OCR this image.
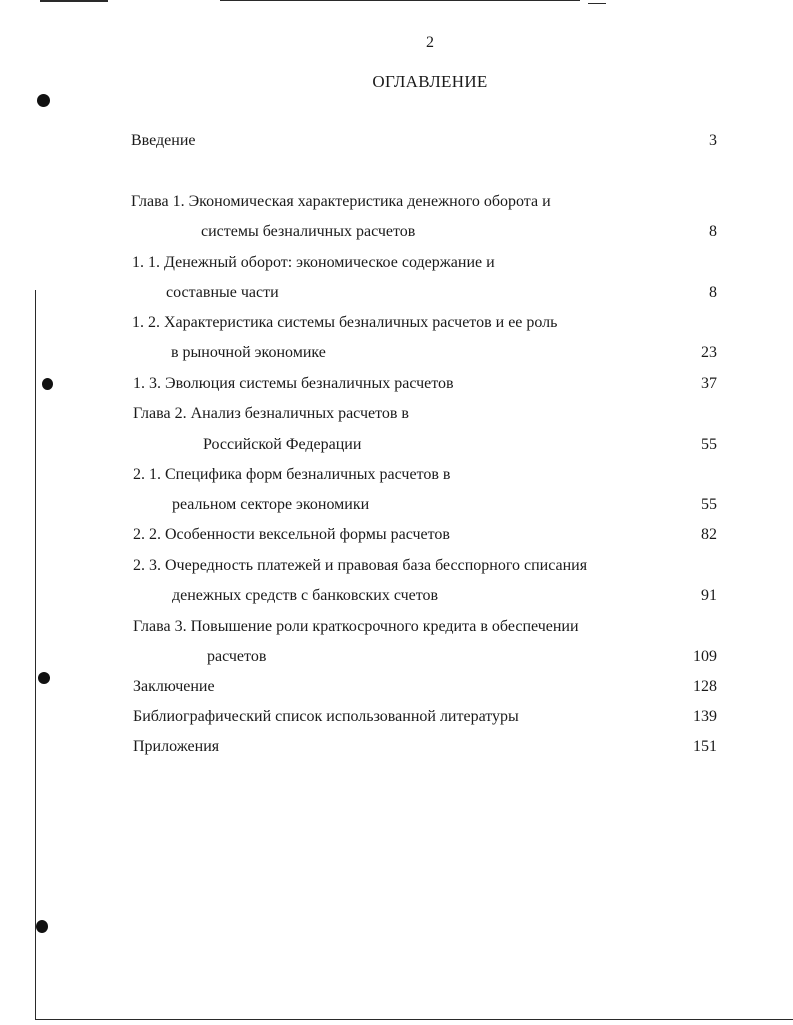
2
ОГЛАВЛЕНИЕ
Введение	3
Глава 1. Экономическая характеристика денежного оборота и
системы безналичных расчетов	8
1. 1. Денежный оборот: экономическое содержание и
составные части	8
1. 2. Характеристика системы безналичных расчетов и ее роль
в рыночной экономике	23
1. 3. Эволюция системы безналичных расчетов	37
Глава 2. Анализ безналичных расчетов в
Российской Федерации	55
2. 1. Специфика форм безналичных расчетов в
реальном секторе экономики	55
2. 2. Особенности вексельной формы расчетов	82
2. 3. Очередность платежей и правовая база бесспорного списания
денежных средств с банковских счетов	91
Глава 3. Повышение роли краткосрочного кредита в обеспечении
расчетов	109
Заключение	128
Библиографический список использованной литературы	139
Приложения	151
